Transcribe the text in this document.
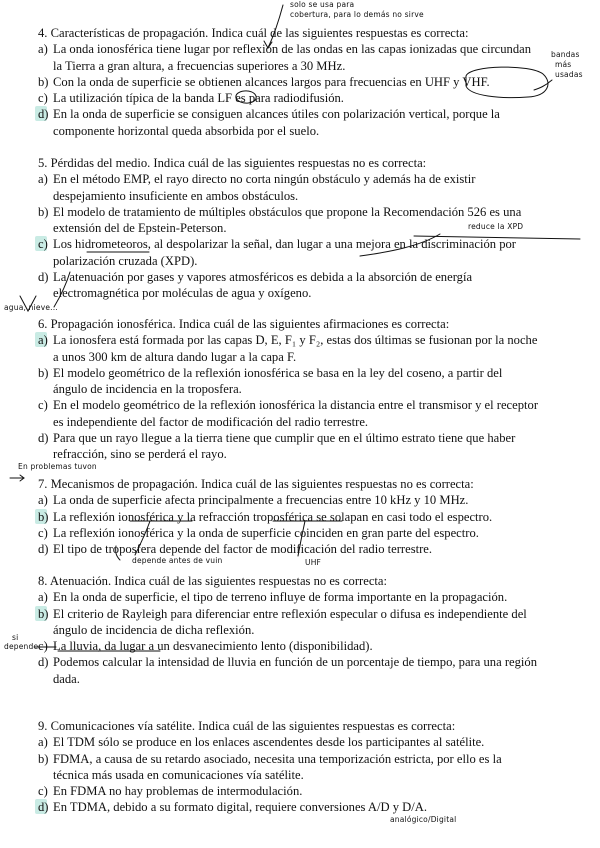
4. Características de propagación. Indica cuál de las siguientes respuestas es correcta:

a) La onda ionosférica tiene lugar por reflexión de las ondas en las capas ionizadas que circundan la Tierra a gran altura, a frecuencias superiores a 30 MHz.
b) Con la onda de superficie se obtienen alcances largos para frecuencias en UHF y VHF.
c) La utilización típica de la banda LF es para radiodifusión.
d) En la onda de superficie se consiguen alcances útiles con polarización vertical, porque la componente horizontal queda absorbida por el suelo.

5. Pérdidas del medio. Indica cuál de las siguientes respuestas no es correcta:

a) En el método EMP, el rayo directo no corta ningún obstáculo y además ha de existir despejamiento insuficiente en ambos obstáculos.
b) El modelo de tratamiento de múltiples obstáculos que propone la Recomendación 526 es una extensión del de Epstein-Peterson.
c) Los hidrometeoros, al despolarizar la señal, dan lugar a una mejora en la discriminación por polarización cruzada (XPD).
d) La atenuación por gases y vapores atmosféricos es debida a la absorción de energía electromagnética por moléculas de agua y oxígeno.

6. Propagación ionosférica. Indica cuál de las siguientes afirmaciones es correcta:

a) La ionosfera está formada por las capas D, E, F₁ y F₂, estas dos últimas se fusionan por la noche a unos 300 km de altura dando lugar a la capa F.
b) El modelo geométrico de la reflexión ionosférica se basa en la ley del coseno, a partir del ángulo de incidencia en la troposfera.
c) En el modelo geométrico de la reflexión ionosférica la distancia entre el transmisor y el receptor es independiente del factor de modificación del radio terrestre.
d) Para que un rayo llegue a la tierra tiene que cumplir que en el último estrato tiene que haber refracción, sino se perderá el rayo.

7. Mecanismos de propagación. Indica cuál de las siguientes respuestas no es correcta:

a) La onda de superficie afecta principalmente a frecuencias entre 10 kHz y 10 MHz.
b) La reflexión ionosférica y la refracción troposférica se solapan en casi todo el espectro.
c) La reflexión ionosférica y la onda de superficie coinciden en gran parte del espectro.
d) El tipo de troposfera depende del factor de modificación del radio terrestre.

8. Atenuación. Indica cuál de las siguientes respuestas no es correcta:

a) En la onda de superficie, el tipo de terreno influye de forma importante en la propagación.
b) El criterio de Rayleigh para diferenciar entre reflexión especular o difusa es independiente del ángulo de incidencia de dicha reflexión.
c) La lluvia, da lugar a un desvanecimiento lento (disponibilidad).
d) Podemos calcular la intensidad de lluvia en función de un porcentaje de tiempo, para una región dada.

9. Comunicaciones vía satélite. Indica cuál de las siguientes respuestas es correcta:

a) El TDM sólo se produce en los enlaces ascendentes desde los participantes al satélite.
b) FDMA, a causa de su retardo asociado, necesita una temporización estricta, por ello es la técnica más usada en comunicaciones vía satélite.
c) En FDMA no hay problemas de intermodulación.
d) En TDMA, debido a su formato digital, requiere conversiones A/D y D/A.
solo se usa para
cobertura, para lo demás no sirve
bandas
más
usadas
reduce la XPD
agua, nieve...
En problemas tuvon
depende antes de vuin	UHF
si
depende
analógico/Digital
